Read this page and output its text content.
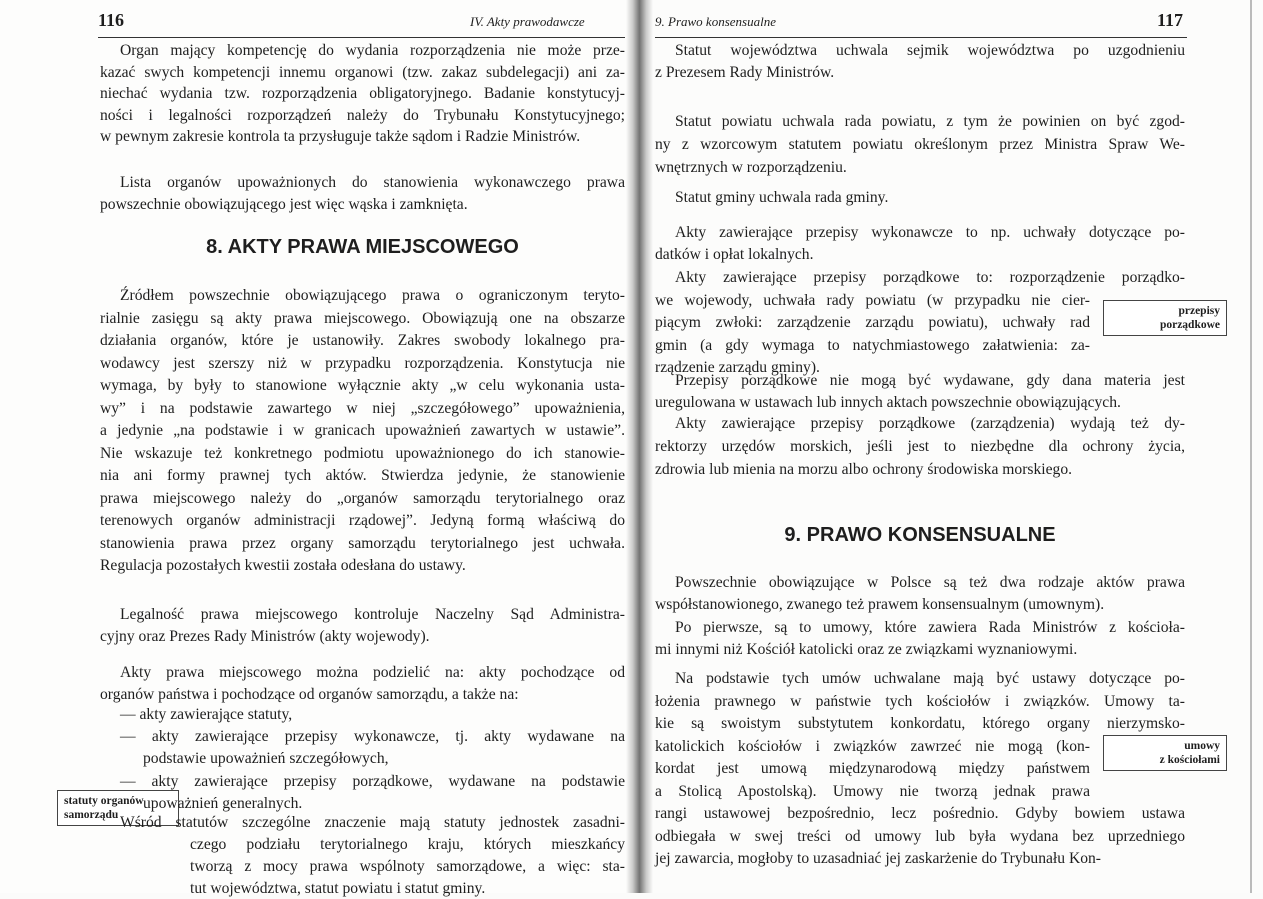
116	IV. Akty prawodawcze
statuty organów
samorządu
Organ mający kompetencję do wydania rozporządzenia nie może prze-
kazać swych kompetencji innemu organowi (tzw. zakaz subdelegacji) ani za-
niechać wydania tzw. rozporządzenia obligatoryjnego. Badanie konstytucyj-
ności i legalności rozporządzeń należy do Trybunału Konstytucyjnego;
w pewnym zakresie kontrola ta przysługuje także sądom i Radzie Ministrów.
Lista organów upoważnionych do stanowienia wykonawczego prawa
powszechnie obowiązującego jest więc wąska i zamknięta.
8. AKTY PRAWA MIEJSCOWEGO
Źródłem powszechnie obowiązującego prawa o ograniczonym teryto-
rialnie zasięgu są akty prawa miejscowego. Obowiązują one na obszarze
działania organów, które je ustanowiły. Zakres swobody lokalnego pra-
wodawcy jest szerszy niż w przypadku rozporządzenia. Konstytucja nie
wymaga, by były to stanowione wyłącznie akty „w celu wykonania usta-
wy” i na podstawie zawartego w niej „szczegółowego” upoważnienia,
a jedynie „na podstawie i w granicach upoważnień zawartych w ustawie”.
Nie wskazuje też konkretnego podmiotu upoważnionego do ich stanowie-
nia ani formy prawnej tych aktów. Stwierdza jedynie, że stanowienie
prawa miejscowego należy do „organów samorządu terytorialnego oraz
terenowych organów administracji rządowej”. Jedyną formą właściwą do
stanowienia prawa przez organy samorządu terytorialnego jest uchwała.
Regulacja pozostałych kwestii została odesłana do ustawy.
Legalność prawa miejscowego kontroluje Naczelny Sąd Administra-
cyjny oraz Prezes Rady Ministrów (akty wojewody).
Akty prawa miejscowego można podzielić na: akty pochodzące od
organów państwa i pochodzące od organów samorządu, a także na:
— akty zawierające statuty,
— akty zawierające przepisy wykonawcze, tj. akty wydawane na
podstawie upoważnień szczegółowych,
— akty zawierające przepisy porządkowe, wydawane na podstawie
upoważnień generalnych.
Wśród statutów szczególne znaczenie mają statuty jednostek zasadni-
czego podziału terytorialnego kraju, których mieszkańcy
tworzą z mocy prawa wspólnoty samorządowe, a więc: sta-
tut województwa, statut powiatu i statut gminy.
9. Prawo konsensualne	117
przepisy
porządkowe
umowy
z kościołami
Statut województwa uchwala sejmik województwa po uzgodnieniu
z Prezesem Rady Ministrów.
Statut powiatu uchwala rada powiatu, z tym że powinien on być zgod-
ny z wzorcowym statutem powiatu określonym przez Ministra Spraw We-
wnętrznych w rozporządzeniu.
Statut gminy uchwala rada gminy.
Akty zawierające przepisy wykonawcze to np. uchwały dotyczące po-
datków i opłat lokalnych.
Akty zawierające przepisy porządkowe to: rozporządzenie porządko-
we wojewody, uchwała rady powiatu (w przypadku nie cier-
piącym zwłoki: zarządzenie zarządu powiatu), uchwały rad
gmin (a gdy wymaga to natychmiastowego załatwienia: za-
rządzenie zarządu gminy).
Przepisy porządkowe nie mogą być wydawane, gdy dana materia jest
uregulowana w ustawach lub innych aktach powszechnie obowiązujących.
Akty zawierające przepisy porządkowe (zarządzenia) wydają też dy-
rektorzy urzędów morskich, jeśli jest to niezbędne dla ochrony życia,
zdrowia lub mienia na morzu albo ochrony środowiska morskiego.
9. PRAWO KONSENSUALNE
Powszechnie obowiązujące w Polsce są też dwa rodzaje aktów prawa
współstanowionego, zwanego też prawem konsensualnym (umownym).
Po pierwsze, są to umowy, które zawiera Rada Ministrów z kościoła-
mi innymi niż Kościół katolicki oraz ze związkami wyznaniowymi.
Na podstawie tych umów uchwalane mają być ustawy dotyczące po-
łożenia prawnego w państwie tych kościołów i związków. Umowy ta-
kie są swoistym substytutem konkordatu, którego organy nierzymsko-
katolickich kościołów i związków zawrzeć nie mogą (kon-
kordat jest umową międzynarodową między państwem
a Stolicą Apostolską). Umowy nie tworzą jednak prawa
rangi ustawowej bezpośrednio, lecz pośrednio. Gdyby bowiem ustawa
odbiegała w swej treści od umowy lub była wydana bez uprzedniego
jej zawarcia, mogłoby to uzasadniać jej zaskarżenie do Trybunału Kon-
